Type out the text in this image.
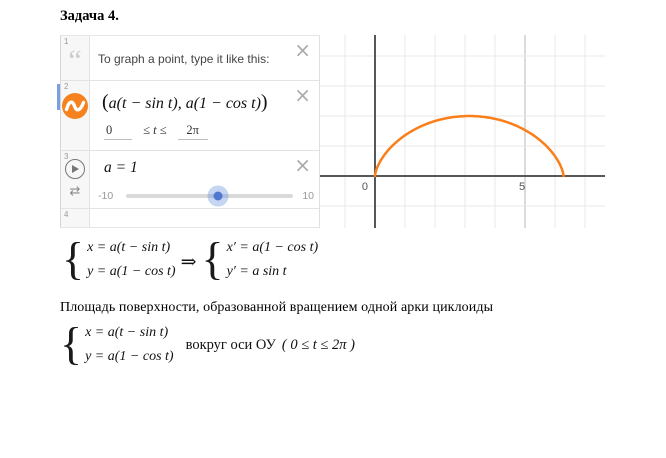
Задача 4.
1
“	To graph a point, type it like this:	×
2
(a(t − sin t), a(1 − cos t))
0 ≤ t ≤ 2π
×
3
⇄
a = 1	×
-10	10
4
0	5
{ x = a(t − sin t)
y = a(1 − cos t) ⇒ { x′ = a(1 − cos t)
y′ = a sin t
Площадь поверхности, образованной вращением одной арки циклоиды
{ x = a(t − sin t)
y = a(1 − cos t)
вокруг оси ОУ ( 0 ≤ t ≤ 2π )
